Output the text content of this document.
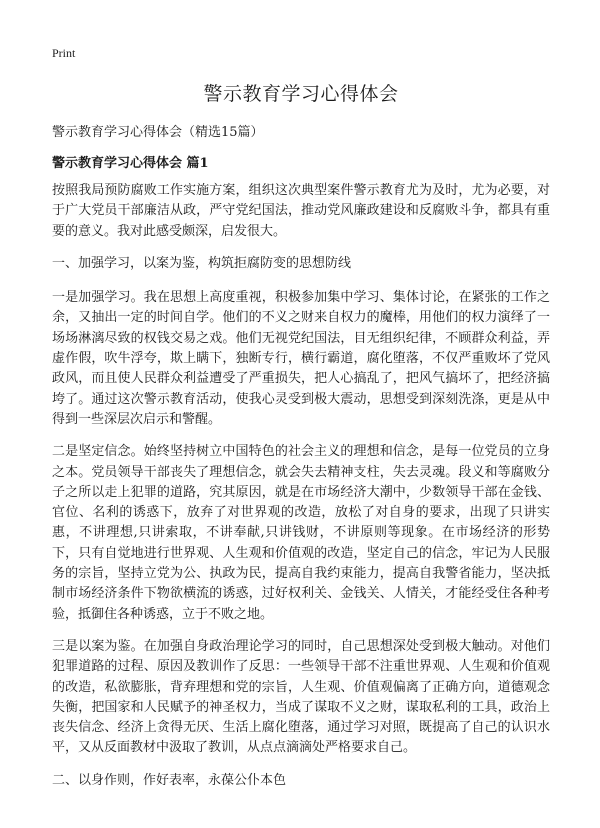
Print
警示教育学习心得体会
警示教育学习心得体会（精选15篇）
警示教育学习心得体会 篇1

按照我局预防腐败工作实施方案，组织这次典型案件警示教育尤为及时，尤为必要，对于广大党员干部廉洁从政，严守党纪国法，推动党风廉政建设和反腐败斗争，都具有重要的意义。我对此感受颇深，启发很大。

一、加强学习，以案为鉴，构筑拒腐防变的思想防线

一是加强学习。我在思想上高度重视，积极参加集中学习、集体讨论，在紧张的工作之余，又抽出一定的时间自学。他们的不义之财来自权力的魔棒，用他们的权力演绎了一场场淋漓尽致的权钱交易之戏。他们无视党纪国法，目无组织纪律，不顾群众利益，弄虚作假，吹牛浮夸，欺上瞒下，独断专行，横行霸道，腐化堕落，不仅严重败坏了党风政风，而且使人民群众利益遭受了严重损失，把人心搞乱了，把风气搞坏了，把经济搞垮了。通过这次警示教育活动，使我心灵受到极大震动，思想受到深刻洗涤，更是从中得到一些深层次启示和警醒。

二是坚定信念。始终坚持树立中国特色的社会主义的理想和信念，是每一位党员的立身之本。党员领导干部丧失了理想信念，就会失去精神支柱，失去灵魂。段义和等腐败分子之所以走上犯罪的道路，究其原因，就是在市场经济大潮中，少数领导干部在金钱、官位、名利的诱惑下，放弃了对世界观的改造，放松了对自身的要求，出现了只讲实惠，不讲理想,只讲索取，不讲奉献,只讲钱财，不讲原则等现象。在市场经济的形势下，只有自觉地进行世界观、人生观和价值观的改造，坚定自己的信念，牢记为人民服务的宗旨，坚持立党为公、执政为民，提高自我约束能力，提高自我警省能力，坚决抵制市场经济条件下物欲横流的诱惑，过好权利关、金钱关、人情关，才能经受住各种考验，抵御住各种诱惑，立于不败之地。

三是以案为鉴。在加强自身政治理论学习的同时，自己思想深处受到极大触动。对他们犯罪道路的过程、原因及教训作了反思：一些领导干部不注重世界观、人生观和价值观的改造，私欲膨胀，背弃理想和党的宗旨，人生观、价值观偏离了正确方向，道德观念失衡，把国家和人民赋予的神圣权力，当成了谋取不义之财，谋取私利的工具，政治上丧失信念、经济上贪得无厌、生活上腐化堕落，通过学习对照，既提高了自己的认识水平，又从反面教材中汲取了教训，从点点滴滴处严格要求自己。

二、以身作则，作好表率，永葆公仆本色
